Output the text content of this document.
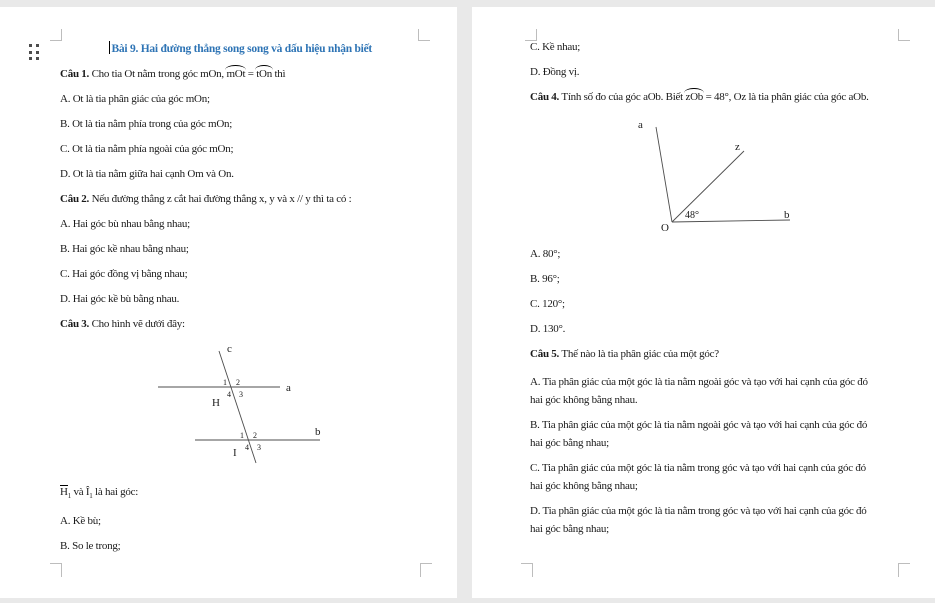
Bài 9. Hai đường thẳng song song và dấu hiệu nhận biết

Câu 1. Cho tia Ot nằm trong góc mOn, mOt = tOn thì

A. Ot là tia phân giác của góc mOn;

B. Ot là tia nằm phía trong của góc mOn;

C. Ot là tia nằm phía ngoài của góc mOn;

D. Ot là tia nằm giữa hai cạnh Om và On.

Câu 2. Nếu đường thẳng z cắt hai đường thẳng x, y và x // y thì ta có :

A. Hai góc bù nhau bằng nhau;

B. Hai góc kề nhau bằng nhau;

C. Hai góc đồng vị bằng nhau;

D. Hai góc kề bù bằng nhau.

Câu 3. Cho hình vẽ dưới đây:

c
a
b
H
I
1 2
3
4
1 2
3
4

$H_1$ và $Î_1$ là hai góc:

A. Kề bù;

B. So le trong;

C. Kề nhau;

D. Đồng vị.

Câu 4. Tính số đo của góc aOb. Biết zOb = 48°, Oz là tia phân giác của góc aOb.

a
z
b
O
48°

A. 80°;

B. 96°;

C. 120°;

D. 130°.

Câu 5. Thế nào là tia phân giác của một góc?

A. Tia phân giác của một góc là tia nằm ngoài góc và tạo với hai cạnh của góc đó
hai góc không bằng nhau.

B. Tia phân giác của một góc là tia nằm ngoài góc và tạo với hai cạnh của góc đó
hai góc bằng nhau;

C. Tia phân giác của một góc là tia nằm trong góc và tạo với hai cạnh của góc đó
hai góc không bằng nhau;

D. Tia phân giác của một góc là tia nằm trong góc và tạo với hai cạnh của góc đó
hai góc bằng nhau;
